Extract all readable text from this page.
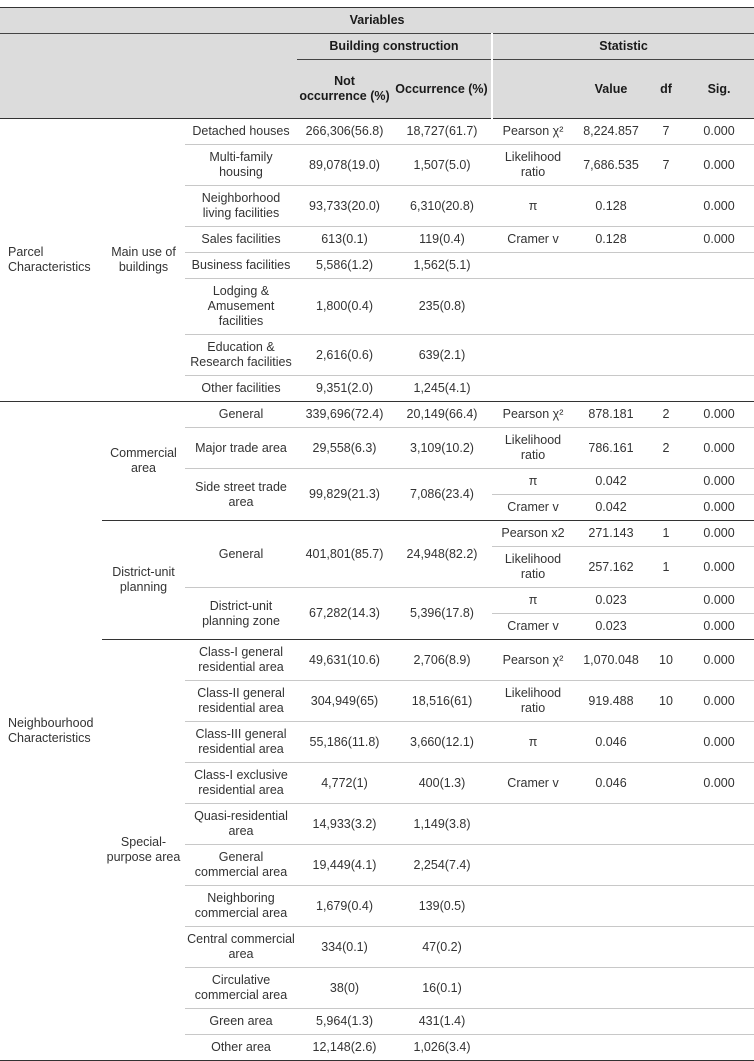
Variables								
			Building construction		Statistic			
			Not occurrence (%)	Occurrence (%)		Value	df	Sig.
Parcel Characteristics	Main use of buildings	Detached houses	266,306(56.8)	18,727(61.7)	Pearson χ²	8,224.857	7	0.000
		Multi-family housing	89,078(19.0)	1,507(5.0)	Likelihood ratio	7,686.535	7	0.000
		Neighborhood living facilities	93,733(20.0)	6,310(20.8)	π	0.128		0.000
		Sales facilities	613(0.1)	119(0.4)	Cramer v	0.128		0.000
		Business facilities	5,586(1.2)	1,562(5.1)				
		Lodging & Amusement facilities	1,800(0.4)	235(0.8)				
		Education & Research facilities	2,616(0.6)	639(2.1)				
		Other facilities	9,351(2.0)	1,245(4.1)				
Neighbourhood Characteristics	Commercial area	General	339,696(72.4)	20,149(66.4)	Pearson χ²	878.181	2	0.000
		Major trade area	29,558(6.3)	3,109(10.2)	Likelihood ratio	786.161	2	0.000
		Side street trade area	99,829(21.3)	7,086(23.4)	π	0.042		0.000
					Cramer v	0.042		0.000
	District-unit planning	General	401,801(85.7)	24,948(82.2)	Pearson x2	271.143	1	0.000
					Likelihood ratio	257.162	1	0.000
		District-unit planning zone	67,282(14.3)	5,396(17.8)	π	0.023		0.000
					Cramer v	0.023		0.000
	Special-purpose area	Class-I general residential area	49,631(10.6)	2,706(8.9)	Pearson χ²	1,070.048	10	0.000
		Class-II general residential area	304,949(65)	18,516(61)	Likelihood ratio	919.488	10	0.000
		Class-III general residential area	55,186(11.8)	3,660(12.1)	π	0.046		0.000
		Class-I exclusive residential area	4,772(1)	400(1.3)	Cramer v	0.046		0.000
		Quasi-residential area	14,933(3.2)	1,149(3.8)				
		General commercial area	19,449(4.1)	2,254(7.4)				
		Neighboring commercial area	1,679(0.4)	139(0.5)				
		Central commercial area	334(0.1)	47(0.2)				
		Circulative commercial area	38(0)	16(0.1)				
		Green area	5,964(1.3)	431(1.4)				
		Other area	12,148(2.6)	1,026(3.4)				
